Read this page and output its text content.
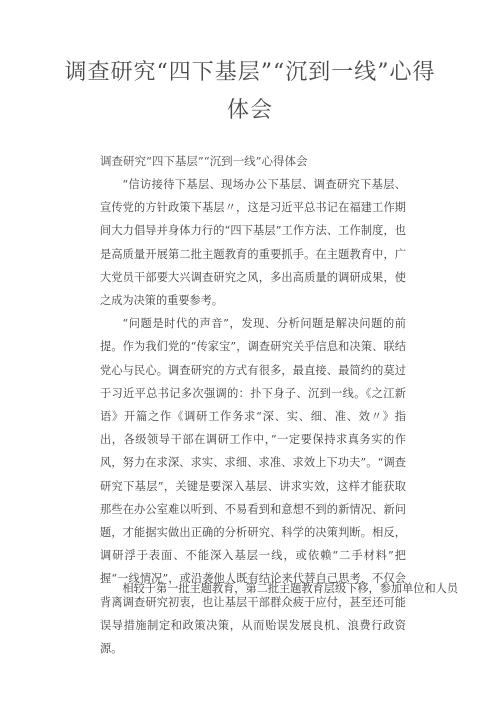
调查研究“四下基层”“沉到一线”心得
体会
调查研究“四下基层”“沉到一线”心得体会

“信访接待下基层、现场办公下基层、调查研究下基层、宣传党的方针政策下基层〃，这是习近平总书记在福建工作期间大力倡导并身体力行的“四下基层”工作方法、工作制度，也是高质量开展第二批主题教育的重要抓手。在主题教育中，广大党员干部要大兴调查研究之风，多出高质量的调研成果，使之成为决策的重要参考。

“问题是时代的声音”，发现、分析问题是解决问题的前提。作为我们党的“传家宝”，调查研究关乎信息和决策、联结党心与民心。调查研究的方式有很多，最直接、最简约的莫过于习近平总书记多次强调的：扑下身子、沉到一线。《之江新语》开篇之作《调研工作务求“深、实、细、准、效〃》指出，各级领导干部在调研工作中，”一定要保持求真务实的作风，努力在求深、求实、求细、求准、求效上下功夫”。“调查研究下基层”，关键是要深入基层、讲求实效，这样才能获取那些在办公室难以听到、不易看到和意想不到的新情况、新问题，才能据实做出正确的分析研究、科学的决策判断。相反，调研浮于表面、不能深入基层一线，或依赖“二手材料”把握“一线情况”，或沿袭他人既有结论来代替自己思考，不仅会背离调查研究初衷，也让基层干部群众疲于应付，甚至还可能误导措施制定和政策决策，从而贻误发展良机、浪费行政资源。

相较于第一批主题教育，第二批主题教育层级下移，参加单位和人员
